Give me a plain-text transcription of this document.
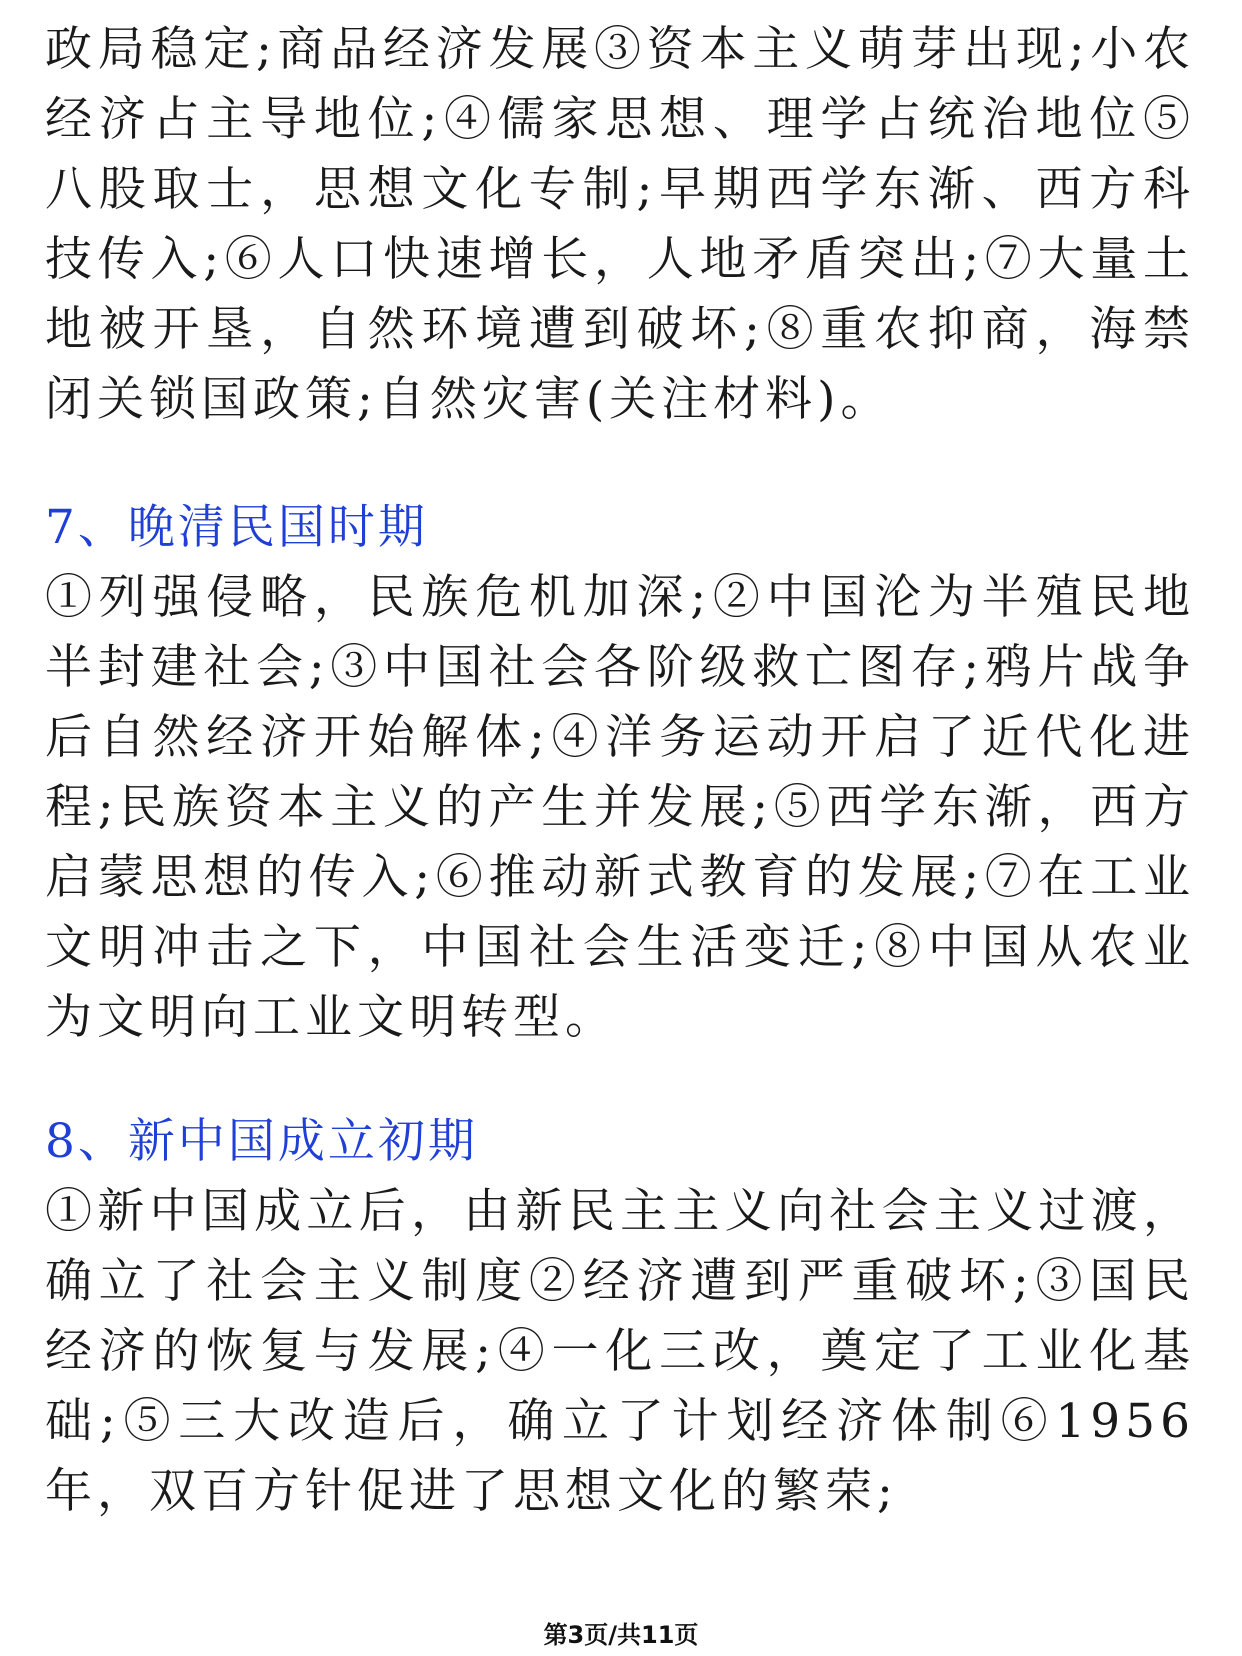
政局稳定;商品经济发展③资本主义萌芽出现;小农经济占主导地位;④儒家思想、理学占统治地位⑤八股取士，思想文化专制;早期西学东渐、西方科技传入;⑥人口快速增长，人地矛盾突出;⑦大量土地被开垦，自然环境遭到破坏;⑧重农抑商，海禁闭关锁国政策;自然灾害(关注材料)。

7、晚清民国时期

①列强侵略，民族危机加深;②中国沦为半殖民地半封建社会;③中国社会各阶级救亡图存;鸦片战争后自然经济开始解体;④洋务运动开启了近代化进程;民族资本主义的产生并发展;⑤西学东渐，西方启蒙思想的传入;⑥推动新式教育的发展;⑦在工业文明冲击之下，中国社会生活变迁;⑧中国从农业为文明向工业文明转型。

8、新中国成立初期

①新中国成立后，由新民主主义向社会主义过渡，确立了社会主义制度②经济遭到严重破坏;③国民经济的恢复与发展;④一化三改，奠定了工业化基础;⑤三大改造后，确立了计划经济体制⑥1956年，双百方针促进了思想文化的繁荣;

第3页/共11页
